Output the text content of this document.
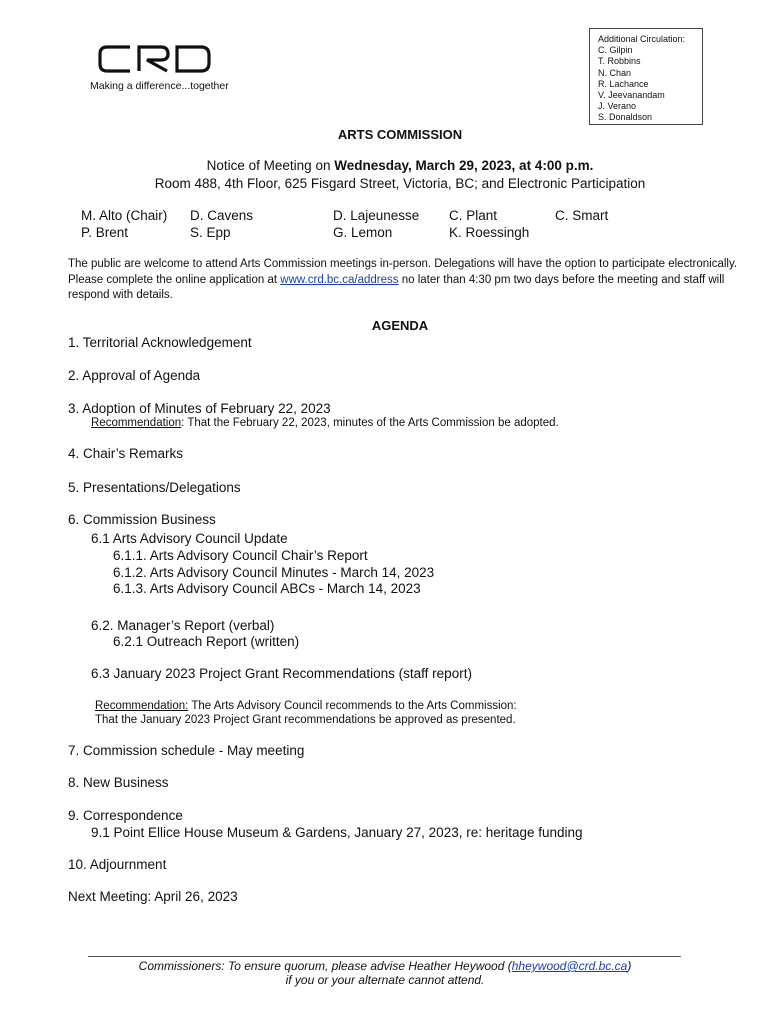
Making a difference...together
Additional Circulation:
C. Gilpin
T. Robbins
N. Chan
R. Lachance
V. Jeevanandam
J. Verano
S. Donaldson
ARTS COMMISSION
Notice of Meeting on Wednesday, March 29, 2023, at 4:00 p.m.
Room 488, 4th Floor, 625 Fisgard Street, Victoria, BC; and Electronic Participation
M. Alto (Chair)
P. Brent
D. Cavens
S. Epp
D. Lajeunesse
G. Lemon
C. Plant
K. Roessingh
C. Smart
The public are welcome to attend Arts Commission meetings in-person. Delegations will have the option to participate electronically. Please complete the online application at www.crd.bc.ca/address no later than 4:30 pm two days before the meeting and staff will respond with details.
AGENDA
1. Territorial Acknowledgement
2. Approval of Agenda
3. Adoption of Minutes of February 22, 2023
Recommendation: That the February 22, 2023, minutes of the Arts Commission be adopted.
4. Chair’s Remarks
5. Presentations/Delegations
6. Commission Business
6.1 Arts Advisory Council Update
6.1.1. Arts Advisory Council Chair’s Report
6.1.2. Arts Advisory Council Minutes - March 14, 2023
6.1.3. Arts Advisory Council ABCs - March 14, 2023
6.2. Manager’s Report (verbal)
6.2.1 Outreach Report (written)
6.3 January 2023 Project Grant Recommendations (staff report)
Recommendation: The Arts Advisory Council recommends to the Arts Commission:
That the January 2023 Project Grant recommendations be approved as presented.
7. Commission schedule - May meeting
8. New Business
9. Correspondence
9.1 Point Ellice House Museum & Gardens, January 27, 2023, re: heritage funding
10. Adjournment
Next Meeting: April 26, 2023
Commissioners: To ensure quorum, please advise Heather Heywood (hheywood@crd.bc.ca)
if you or your alternate cannot attend.
